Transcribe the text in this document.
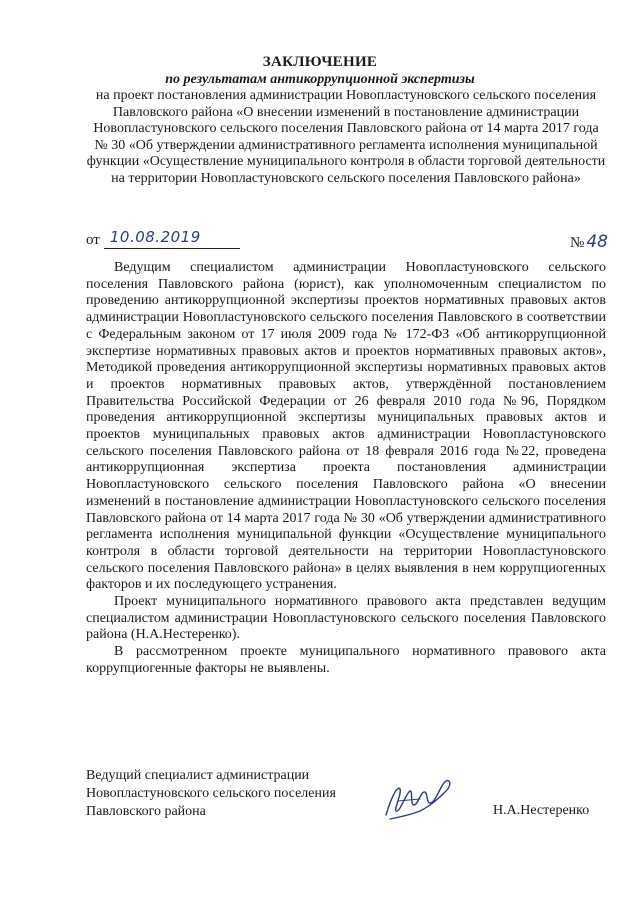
ЗАКЛЮЧЕНИЕ
по результатам антикоррупционной экспертизы
на проект постановления администрации Новопластуновского сельского поселения Павловского района «О внесении изменений в постановление администрации Новопластуновского сельского поселения Павловского района от 14 марта 2017 года № 30 «Об утверждении административного регламента исполнения муниципальной функции «Осуществление муниципального контроля в области торговой деятельности на территории Новопластуновского сельского поселения Павловского района»
от 10.08.2019	№ 48

Ведущим специалистом администрации Новопластуновского сельского поселения Павловского района (юрист), как уполномоченным специалистом по проведению антикоррупционной экспертизы проектов нормативных правовых актов администрации Новопластуновского сельского поселения Павловского в соответствии с Федеральным законом от 17 июля 2009 года № 172-ФЗ «Об антикоррупционной экспертизе нормативных правовых актов и проектов нормативных правовых актов», Методикой проведения антикоррупционной экспертизы нормативных правовых актов и проектов нормативных правовых актов, утверждённой постановлением Правительства Российской Федерации от 26 февраля 2010 года №96, Порядком проведения антикоррупционной экспертизы муниципальных правовых актов и проектов муниципальных правовых актов администрации Новопластуновского сельского поселения Павловского района от 18 февраля 2016 года №22, проведена антикоррупционная экспертиза проекта постановления администрации Новопластуновского сельского поселения Павловского района «О внесении изменений в постановление администрации Новопластуновского сельского поселения Павловского района от 14 марта 2017 года № 30 «Об утверждении административного регламента исполнения муниципальной функции «Осуществление муниципального контроля в области торговой деятельности на территории Новопластуновского сельского поселения Павловского района» в целях выявления в нем коррупциогенных факторов и их последующего устранения.

Проект муниципального нормативного правового акта представлен ведущим специалистом администрации Новопластуновского сельского поселения Павловского района (Н.А.Нестеренко).

В рассмотренном проекте муниципального нормативного правового акта коррупциогенные факторы не выявлены.

Ведущий специалист администрации
Новопластуновского сельского поселения
Павловского района	Н.А.Нестеренко
